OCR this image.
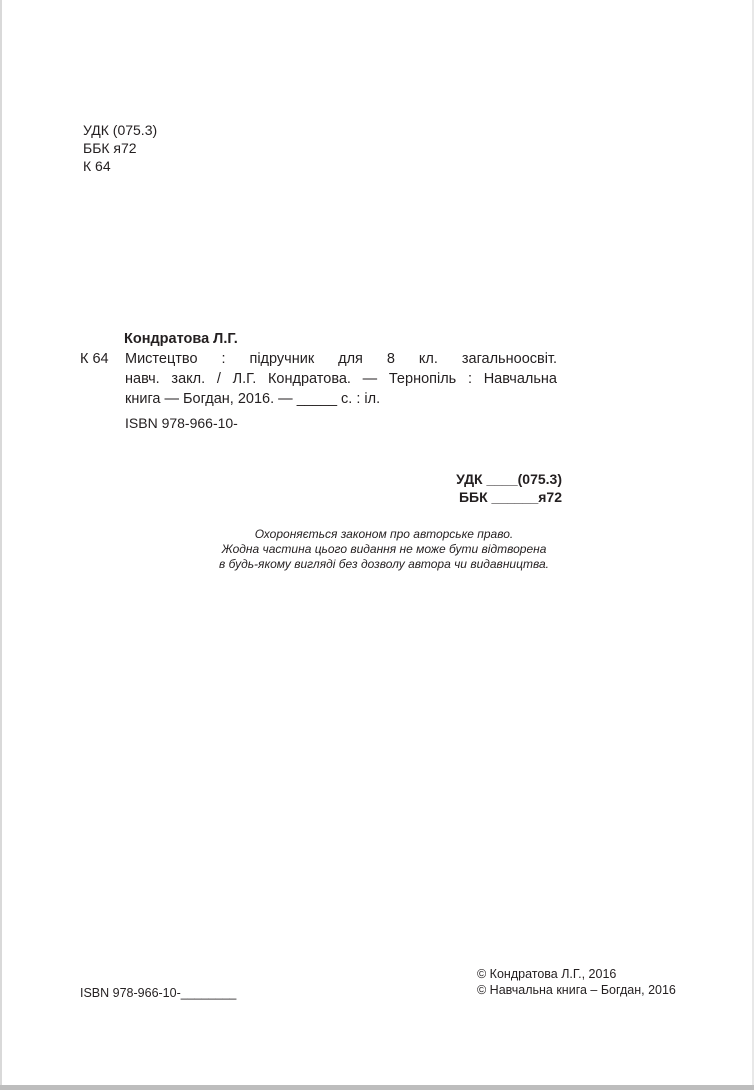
УДК (075.3)
ББК я72
К 64
Кондратова Л.Г.
К 64 Мистецтво : підручник для 8 кл. загальноосвіт.
навч. закл. / Л.Г. Кондратова. — Тернопіль : Навчальна
книга — Богдан, 2016. — _____ с. : іл.
ISBN 978-966-10-
УДК ____(075.3)
ББК ______я72
Охороняється законом про авторське право.
Жодна частина цього видання не може бути відтворена
в будь-якому вигляді без дозволу автора чи видавництва.
ISBN 978-966-10-________
© Кондратова Л.Г., 2016
© Навчальна книга – Богдан, 2016
